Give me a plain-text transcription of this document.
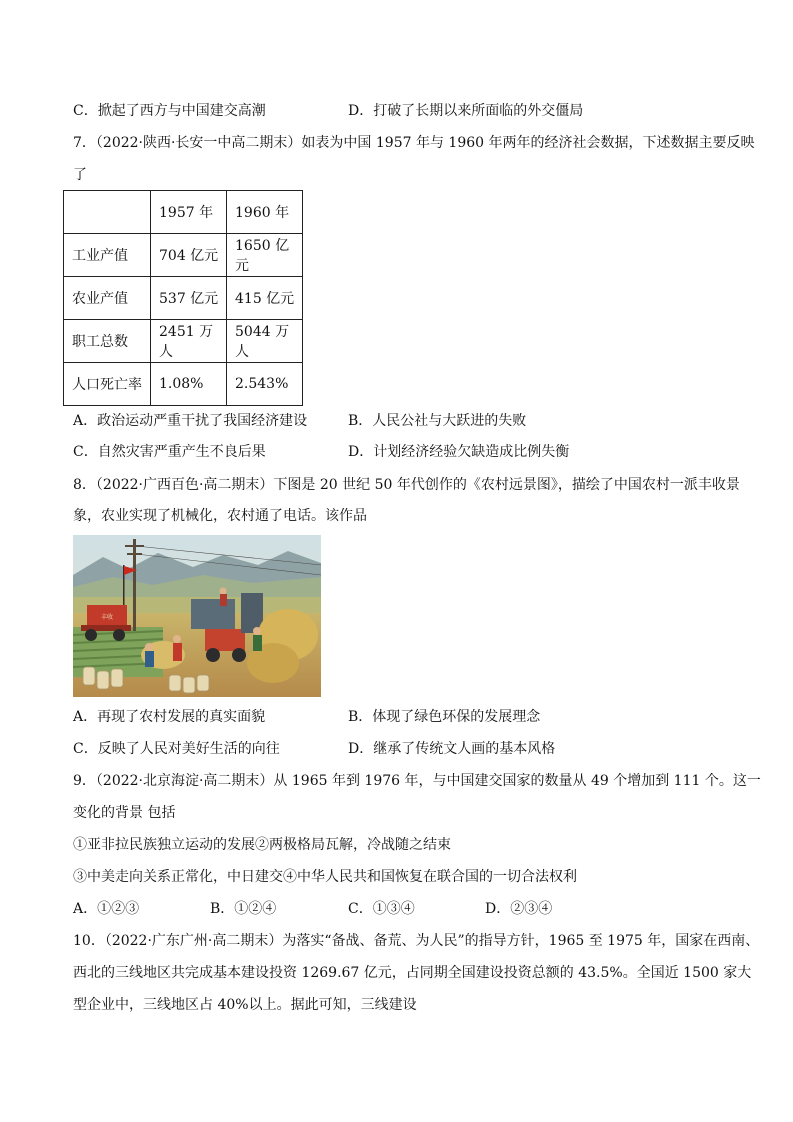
C．掀起了西方与中国建交高潮	D．打破了长期以来所面临的外交僵局
7．（2022·陕西·长安一中高二期末）如表为中国 1957 年与 1960 年两年的经济社会数据，下述数据主要反映
了
	1957 年	1960 年
工业产值	704 亿元	1650 亿元
农业产值	537 亿元	415 亿元
职工总数	2451 万人	5044 万人
人口死亡率	1.08%	2.543%
A．政治运动严重干扰了我国经济建设	B．人民公社与大跃进的失败
C．自然灾害严重产生不良后果	D．计划经济经验欠缺造成比例失衡
8．（2022·广西百色·高二期末）下图是 20 世纪 50 年代创作的《农村远景图》，描绘了中国农村一派丰收景
象，农业实现了机械化，农村通了电话。该作品
丰收
A．再现了农村发展的真实面貌	B．体现了绿色环保的发展理念
C．反映了人民对美好生活的向往	D．继承了传统文人画的基本风格
9．（2022·北京海淀·高二期末）从 1965 年到 1976 年，与中国建交国家的数量从 49 个增加到 111 个。这一
变化的背景 包括
①亚非拉民族独立运动的发展②两极格局瓦解，冷战随之结束
③中美走向关系正常化，中日建交④中华人民共和国恢复在联合国的一切合法权利
A．①②③	B．①②④	C．①③④	D．②③④
10．（2022·广东广州·高二期末）为落实“备战、备荒、为人民”的指导方针，1965 至 1975 年，国家在西南、
西北的三线地区共完成基本建设投资 1269.67 亿元，占同期全国建设投资总额的 43.5%。全国近 1500 家大
型企业中，三线地区占 40%以上。据此可知，三线建设
